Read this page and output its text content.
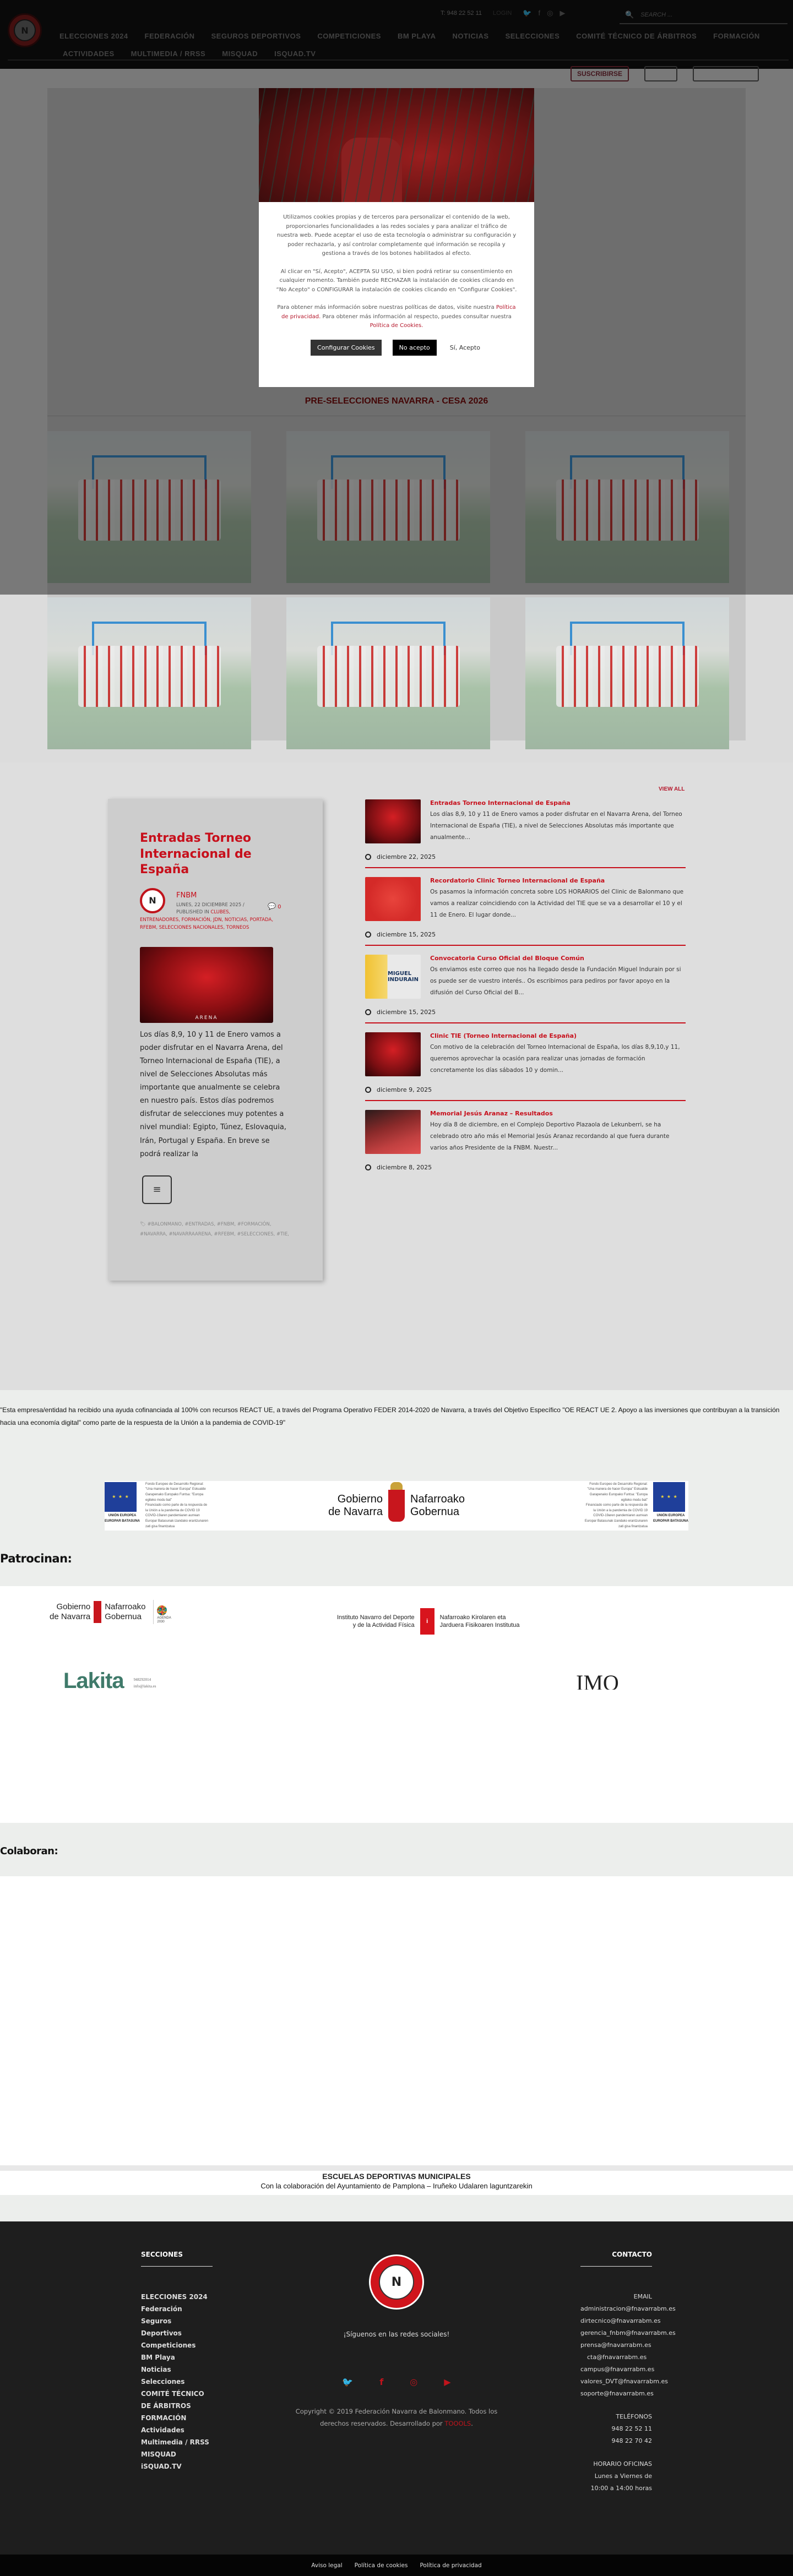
N
T: 948 22 52 11 LOGIN 🐦 f ◎ ▶	🔍
SEARCH ...
ELECCIONES 2024 FEDERACIÓN SEGUROS DEPORTIVOS COMPETICIONES BM PLAYA NOTICIAS SELECCIONES COMITÉ TÉCNICO DE ÁRBITROS FORMACIÓN
ACTIVIDADES MULTIMEDIA / RRSS MISQUAD ISQUAD.TV
PRE-SELECCIONES NAVARRA - CESA 2026
SUSCRIBIRSE

Utilizamos cookies propias y de terceros para personalizar el contenido de la web, proporcionarles funcionalidades a las redes sociales y para analizar el tráfico de nuestra web. Puede aceptar el uso de esta tecnología o administrar su configuración y poder rechazarla, y así controlar completamente qué información se recopila y gestiona a través de los botones habilitados al efecto.

Al clicar en "Sí, Acepto", ACEPTA SU USO, si bien podrá retirar su consentimiento en cualquier momento. También puede RECHAZAR la instalación de cookies clicando en “No Acepto" o CONFIGURAR la instalación de cookies clicando en "Configurar Cookies".

Para obtener más información sobre nuestras políticas de datos, visite nuestra Política de privacidad. Para obtener más información al respecto, puedes consultar nuestra Política de Cookies.

Configurar Cookies	No acepto	Sí, Acepto
Entradas Torneo Internacional de España
N	FNBM
LUNES, 22 DICIEMBRE 2025 /
PUBLISHED IN CLUBES,
💬 0
ENTRENADORES, FORMACIÓN, JDN, NOTICIAS, PORTADA, RFEBM, SELECCIONES NACIONALES, TORNEOS
ARENA
Los días 8,9, 10 y 11 de Enero vamos a poder disfrutar en el Navarra Arena, del Torneo Internacional de España (TIE), a nivel de Selecciones Absolutas más importante que anualmente se celebra en nuestro país. Estos días podremos disfrutar de selecciones muy potentes a nivel mundial: Egipto, Túnez, Eslovaquia, Irán, Portugal y España. En breve se podrá realizar la
≡
🏷 #BALONMANO, #ENTRADAS, #FNBM, #FORMACIÓN, #NAVARRA, #NAVARRAARENA, #RFEBM, #SELECCIONES, #TIE,
VIEW ALL
Entradas Torneo Internacional de España
Los días 8,9, 10 y 11 de Enero vamos a poder disfrutar en el Navarra Arena, del Torneo Internacional de España (TIE), a nivel de Selecciones Absolutas más importante que anualmente...
diciembre 22, 2025
Recordatorio Clinic Torneo Internacional de España
Os pasamos la información concreta sobre LOS HORARIOS del Clinic de Balonmano que vamos a realizar coincidiendo con la Actividad del TIE que se va a desarrollar el 10 y el 11 de Enero. El lugar donde...
diciembre 15, 2025
MIGUEL
INDURAIN
Convocatoria Curso Oficial del Bloque Común
Os enviamos este correo que nos ha llegado desde la Fundación Miguel Indurain por si os puede ser de vuestro interés.. Os escribimos para pediros por favor apoyo en la difusión del Curso Oficial del B...
diciembre 15, 2025
Clinic TIE (Torneo Internacional de España)
Con motivo de la celebración del Torneo Internacional de España, los días 8,9,10,y 11, queremos aprovechar la ocasión para realizar unas jornadas de formación concretamente los días sábados 10 y domin...
diciembre 9, 2025
Memorial Jesús Aranaz – Resultados
Hoy día 8 de diciembre, en el Complejo Deportivo Plazaola de Lekunberri, se ha celebrado otro año más el Memorial Jesús Aranaz recordando al que fuera durante varios años Presidente de la FNBM. Nuestr...
diciembre 8, 2025
"Esta empresa/entidad ha recibido una ayuda cofinanciada al 100% con recursos REACT UE, a través del Programa Operativo FEDER 2014-2020 de Navarra, a través del Objetivo Específico "OE REACT UE 2. Apoyo a las inversiones que contribuyan a la transición hacia una economía digital" como parte de la respuesta de la Unión a la pandemia de COVID-19"
★ ★ ★
UNIÓN EUROPEA
EUROPAR BATASUNA
Fondo Europeo de Desarrollo Regional: "Una manera de hacer Europa" Eskualde Garapenako Europako Funtsa: "Europa egiteko modu bat"
Financiado como parte de la respuesta de la Unión a la pandemia de COVID 19 COVID-19aren pandemiaren aurrean Europar Batasunak izandako erantzunaren zati gisa finantzatua
Gobierno
de Navarra
Nafarroako
Gobernua
Fondo Europeo de Desarrollo Regional: "Una manera de hacer Europa" Eskualde Garapenako Europako Funtsa: "Europa egiteko modu bat"
Financiado como parte de la respuesta de la Unión a la pandemia de COVID 19 COVID-19aren pandemiaren aurrean Europar Batasunak izandako erantzunaren zati gisa finantzatua
★ ★ ★
UNIÓN EUROPEA
EUROPAR BATASUNA
Patrocinan:
Gobierno
de Navarra
Nafarroako
Gobernua	AGENDA 2030
Instituto Navarro del Deporte
y de la Actividad Física
i
Nafarroako Kirolaren eta
Jarduera Fisikoaren Institutua
Lakita	948292014
info@lakita.es	IMO
Colaboran:
ESCUELAS DEPORTIVAS MUNICIPALES
Con la colaboración del Ayuntamiento de Pamplona – Iruñeko Udalaren laguntzarekin
SECCIONES
ELECCIONES 2024
Federación
Seguros
Deportivos
Competiciones
BM Playa
Noticias
Selecciones
COMITÉ TÉCNICO
DE ÁRBITROS
FORMACIÓN
Actividades
Multimedia / RRSS
MISQUAD
iSQUAD.TV
N
¡Síguenos en las redes sociales!
🐦	f	◎	▶
Copyright © 2019 Federación Navarra de Balonmano. Todos los derechos reservados. Desarrollado por TOOOLS.
CONTACTO
EMAIL
administracion@fnavarrabm.es
dirtecnico@fnavarrabm.es
gerencia_fnbm@fnavarrabm.es
prensa@fnavarrabm.es
cta@fnavarrabm.es
campus@fnavarrabm.es
valores_DVT@fnavarrabm.es
soporte@fnavarrabm.es
TELÉFONOS
948 22 52 11
948 22 70 42
HORARIO OFICINAS
Lunes a Viernes de
10:00 a 14:00 horas
Aviso legal Política de cookies Política de privacidad
